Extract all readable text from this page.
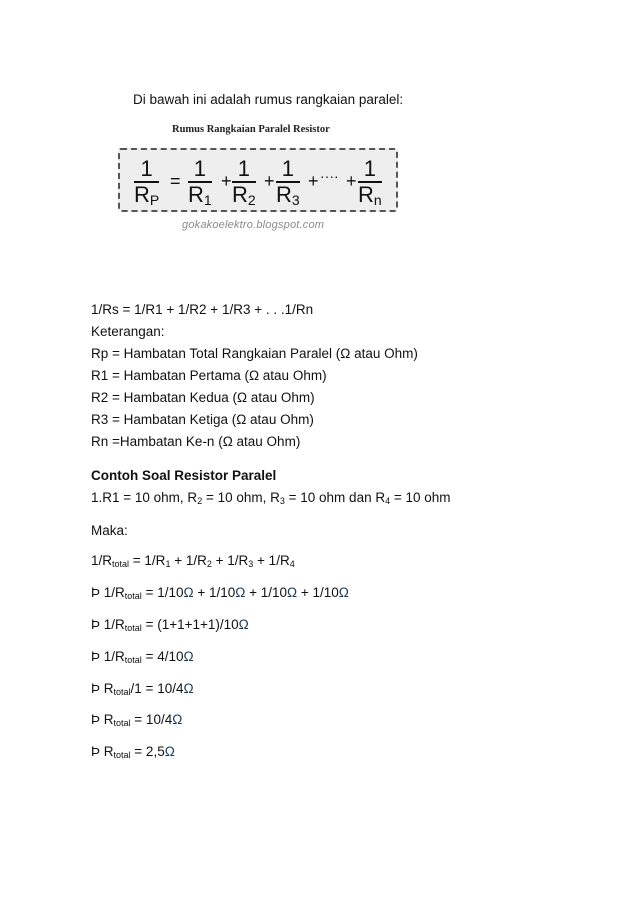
Di bawah ini adalah rumus rangkaian paralel:
Rumus Rangkaian Paralel Resistor
$\frac{1}{R_P} = \frac{1}{R_1} + \frac{1}{R_2} + \frac{1}{R_3}$ + ···· + $\frac{1}{R_n}$
gokakoelektro.blogspot.com
1/Rs = 1/R1 + 1/R2 + 1/R3 + . . .1/Rn
Keterangan:
Rp = Hambatan Total Rangkaian Paralel (Ω atau Ohm)
R1 = Hambatan Pertama (Ω atau Ohm)
R2 = Hambatan Kedua (Ω atau Ohm)
R3 = Hambatan Ketiga (Ω atau Ohm)
Rn =Hambatan Ke-n (Ω atau Ohm)
Contoh Soal Resistor Paralel
1.R1 = 10 ohm, $R_2 = 10$ ohm, $R_3 = 10$ ohm dan $R_4 = 10$ ohm
Maka:
$1/R_{total} = 1/R_1 + 1/R_2 + 1/R_3 + 1/R_4$
Þ $1/R_{total} = 1/10\Omega + 1/10\Omega + 1/10\Omega + 1/10\Omega$
Þ $1/R_{total} = (1+1+1+1)/10\Omega$
Þ $1/R_{total} = 4/10\Omega$
Þ $R_{total}/1 = 10/4\Omega$
Þ $R_{total} = 10/4\Omega$
Þ $R_{total} = 2,5\Omega$
